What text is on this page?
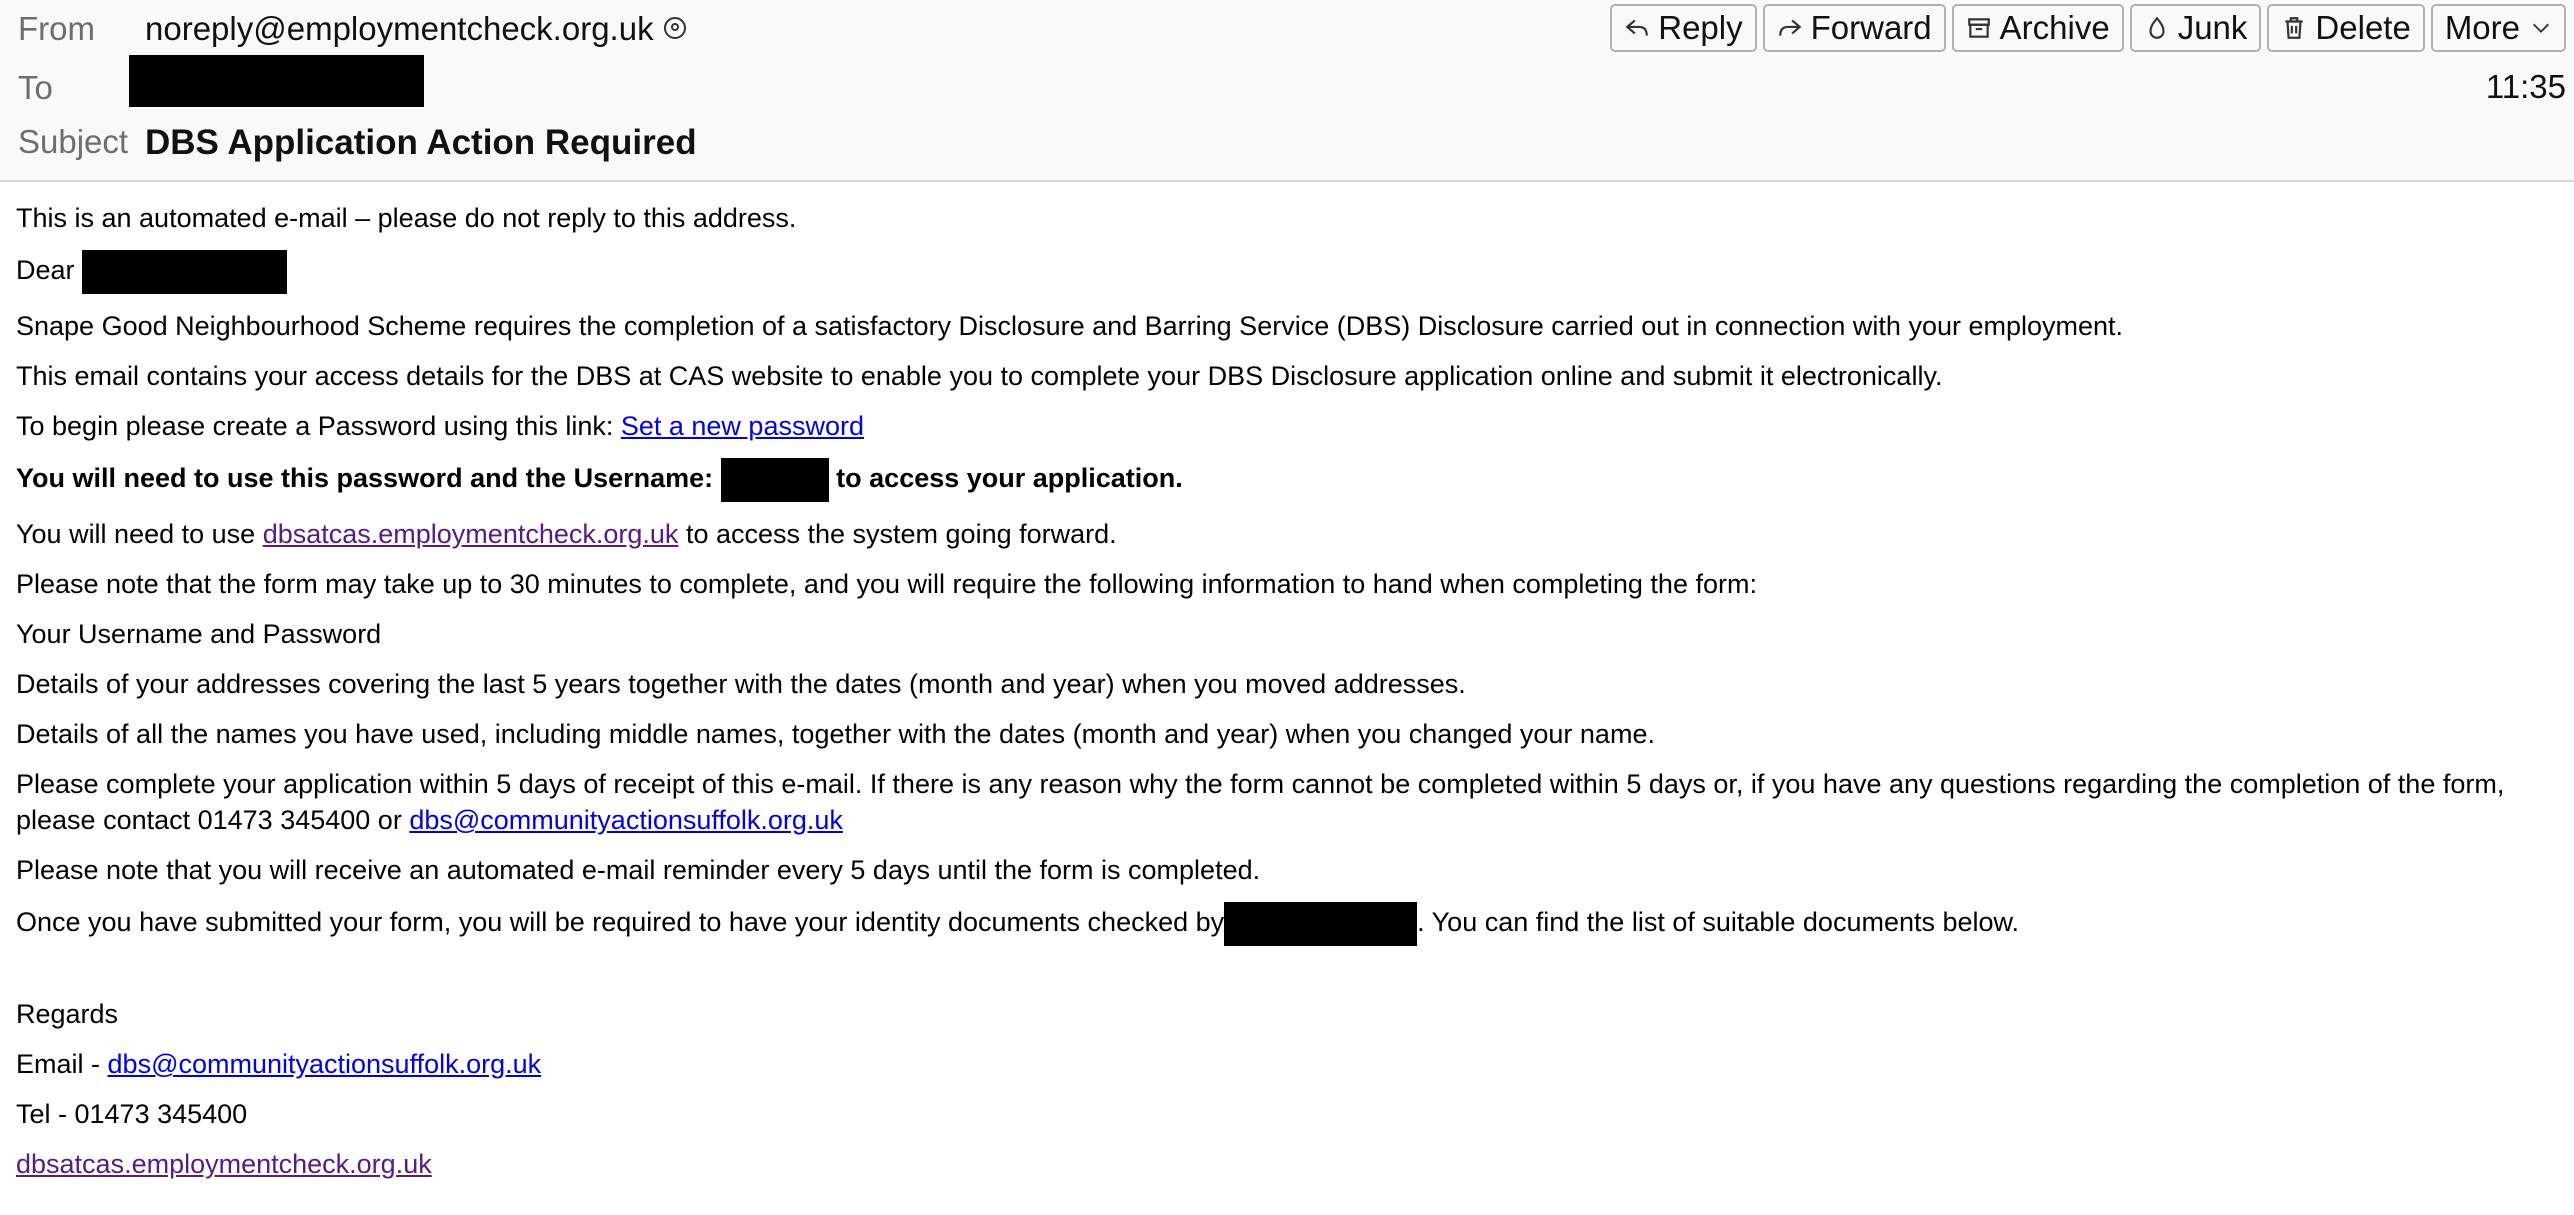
From noreply@employmentcheck.org.uk
To
Subject DBS Application Action Required
Reply Forward Archive Junk Delete More
11:35

This is an automated e-mail – please do not reply to this address.

Dear

Snape Good Neighbourhood Scheme requires the completion of a satisfactory Disclosure and Barring Service (DBS) Disclosure carried out in connection with your employment.

This email contains your access details for the DBS at CAS website to enable you to complete your DBS Disclosure application online and submit it electronically.

To begin please create a Password using this link: Set a new password

You will need to use this password and the Username:	to access your application.

You will need to use dbsatcas.employmentcheck.org.uk to access the system going forward.

Please note that the form may take up to 30 minutes to complete, and you will require the following information to hand when completing the form:

Your Username and Password

Details of your addresses covering the last 5 years together with the dates (month and year) when you moved addresses.

Details of all the names you have used, including middle names, together with the dates (month and year) when you changed your name.

Please complete your application within 5 days of receipt of this e-mail. If there is any reason why the form cannot be completed within 5 days or, if you have any questions regarding the completion of the form, please contact 01473 345400 or dbs@communityactionsuffolk.org.uk

Please note that you will receive an automated e-mail reminder every 5 days until the form is completed.

Once you have submitted your form, you will be required to have your identity documents checked by	. You can find the list of suitable documents below.

Regards

Email - dbs@communityactionsuffolk.org.uk

Tel - 01473 345400

dbsatcas.employmentcheck.org.uk
